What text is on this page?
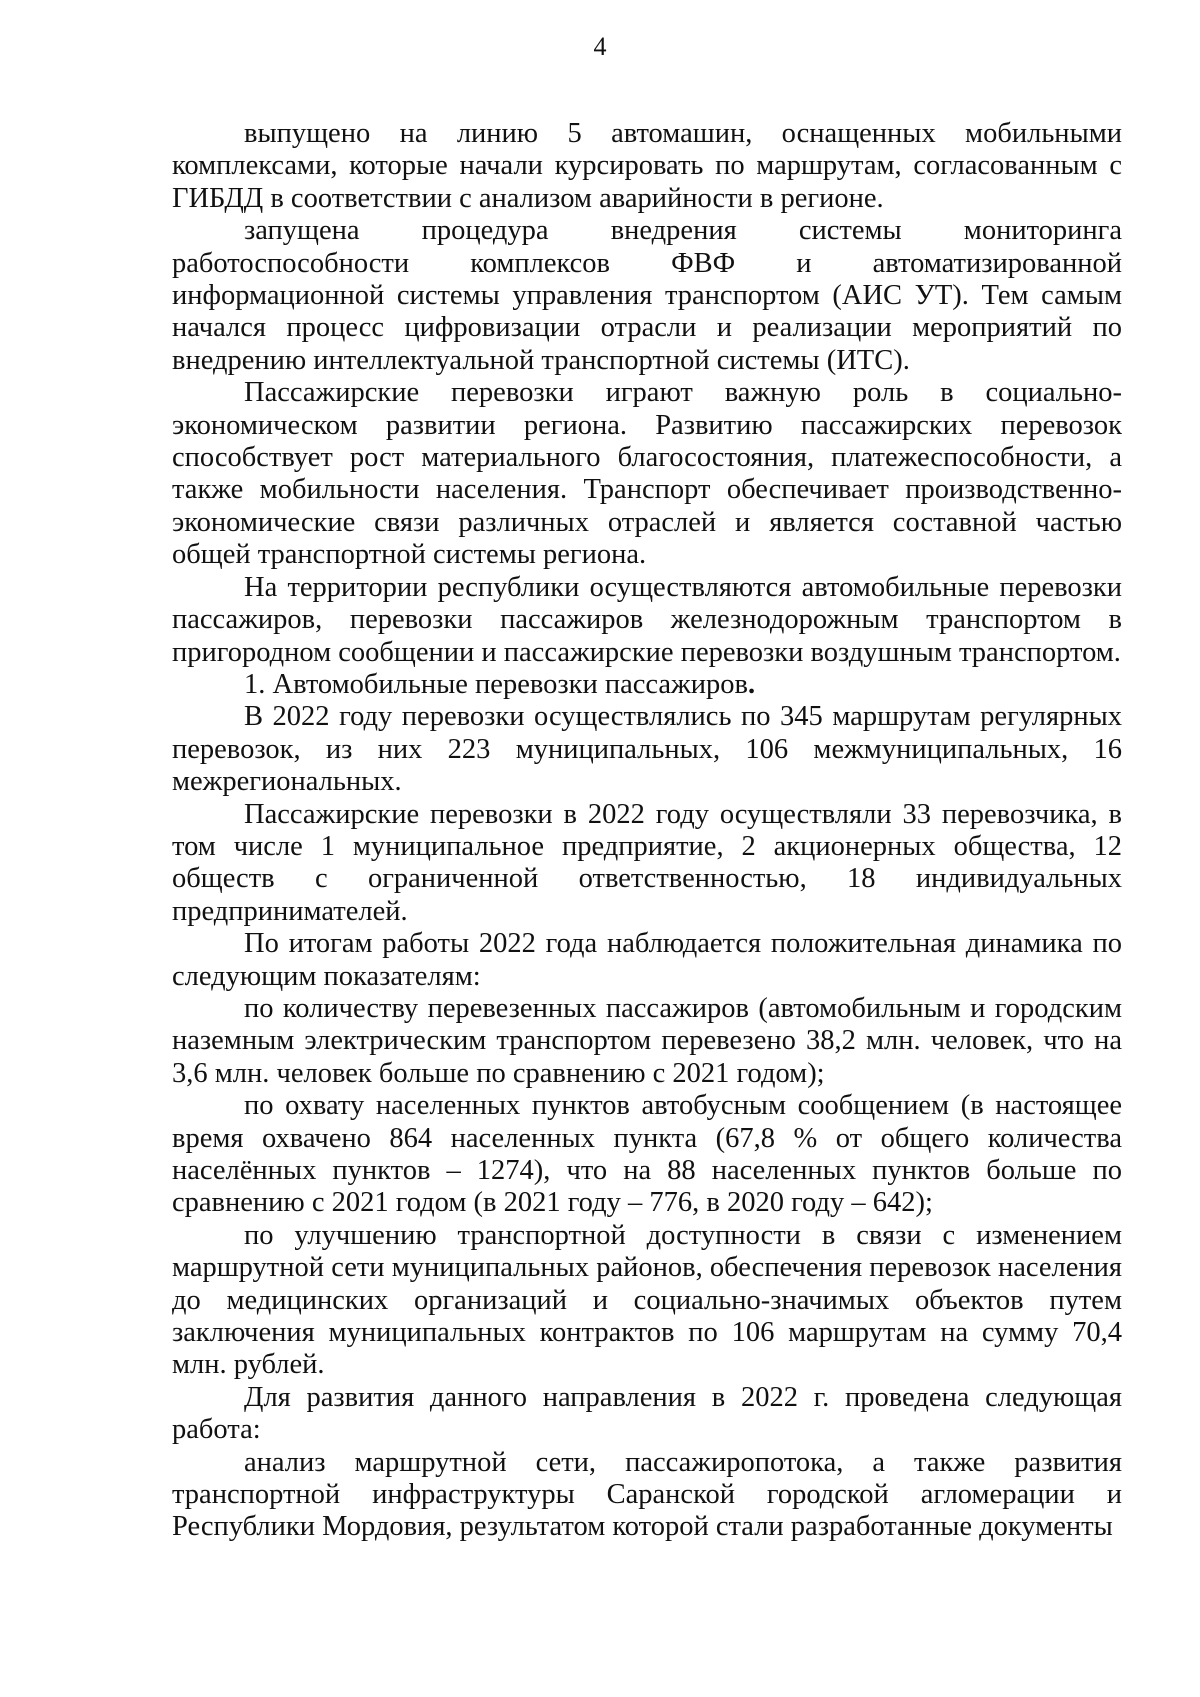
4

выпущено на линию 5 автомашин, оснащенных мобильными комплексами, которые начали курсировать по маршрутам, согласованным с ГИБДД в соответствии с анализом аварийности в регионе.

запущена процедура внедрения системы мониторинга работоспособности комплексов ФВФ и автоматизированной информационной системы управления транспортом (АИС УТ). Тем самым начался процесс цифровизации отрасли и реализации мероприятий по внедрению интеллектуальной транспортной системы (ИТС).

Пассажирские перевозки играют важную роль в социально-экономическом развитии региона. Развитию пассажирских перевозок способствует рост материального благосостояния, платежеспособности, а также мобильности населения. Транспорт обеспечивает производственно-экономические связи различных отраслей и является составной частью общей транспортной системы региона.

На территории республики осуществляются автомобильные перевозки пассажиров, перевозки пассажиров железнодорожным транспортом в пригородном сообщении и пассажирские перевозки воздушным транспортом.

1. Автомобильные перевозки пассажиров.

В 2022 году перевозки осуществлялись по 345 маршрутам регулярных перевозок, из них 223 муниципальных, 106 межмуниципальных, 16 межрегиональных.

Пассажирские перевозки в 2022 году осуществляли 33 перевозчика, в том числе 1 муниципальное предприятие, 2 акционерных общества, 12 обществ с ограниченной ответственностью, 18 индивидуальных предпринимателей.

По итогам работы 2022 года наблюдается положительная динамика по следующим показателям:

по количеству перевезенных пассажиров (автомобильным и городским наземным электрическим транспортом перевезено 38,2 млн. человек, что на 3,6 млн. человек больше по сравнению с 2021 годом);

по охвату населенных пунктов автобусным сообщением (в настоящее время охвачено 864 населенных пункта (67,8 % от общего количества населённых пунктов – 1274), что на 88 населенных пунктов больше по сравнению с 2021 годом (в 2021 году – 776, в 2020 году – 642);

по улучшению транспортной доступности в связи с изменением маршрутной сети муниципальных районов, обеспечения перевозок населения до медицинских организаций и социально-значимых объектов путем заключения муниципальных контрактов по 106 маршрутам на сумму 70,4 млн. рублей.

Для развития данного направления в 2022 г. проведена следующая работа:

анализ маршрутной сети, пассажиропотока, а также развития транспортной инфраструктуры Саранской городской агломерации и Республики Мордовия, результатом которой стали разработанные документы
